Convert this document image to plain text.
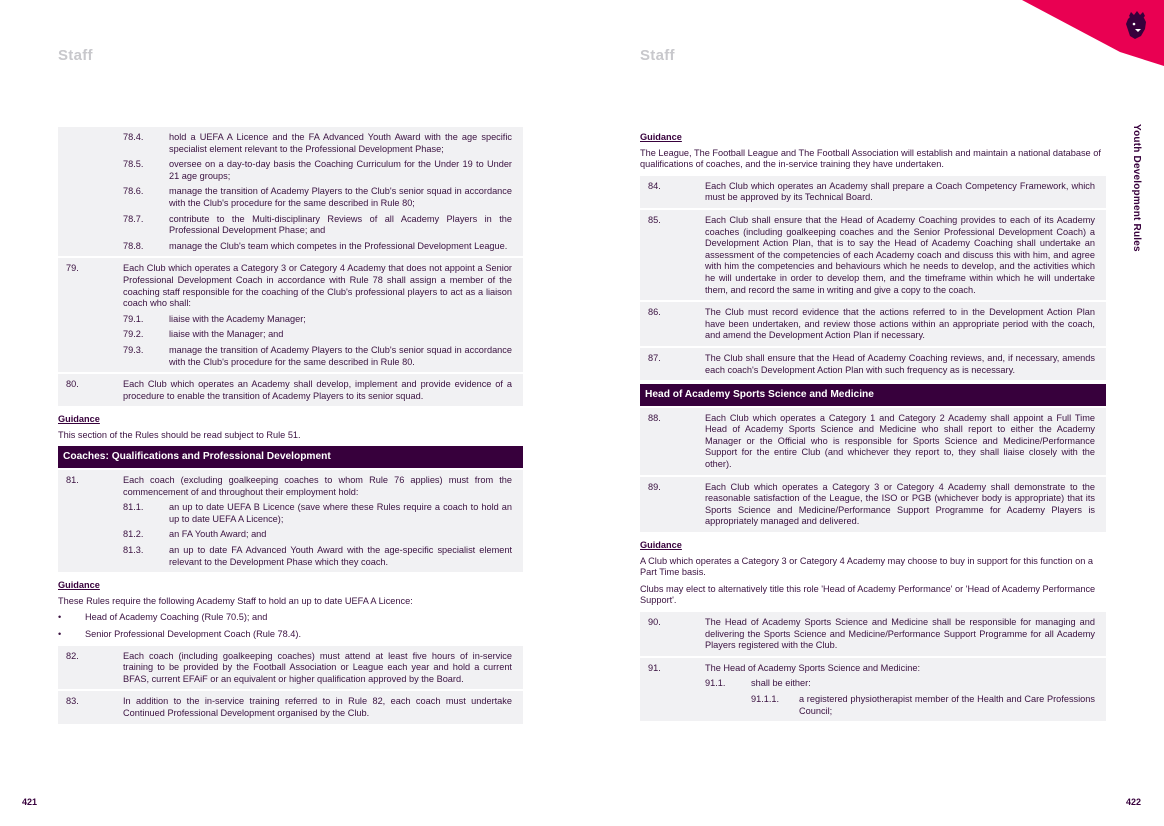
Staff	Staff
Youth Development Rules
78.4.	hold a UEFA A Licence and the FA Advanced Youth Award with the age specific specialist element relevant to the Professional Development Phase;
78.5.	oversee on a day-to-day basis the Coaching Curriculum for the Under 19 to Under 21 age groups;
78.6.	manage the transition of Academy Players to the Club's senior squad in accordance with the Club's procedure for the same described in Rule 80;
78.7.	contribute to the Multi-disciplinary Reviews of all Academy Players in the Professional Development Phase; and
78.8.	manage the Club's team which competes in the Professional Development League.
79.	Each Club which operates a Category 3 or Category 4 Academy that does not appoint a Senior Professional Development Coach in accordance with Rule 78 shall assign a member of the coaching staff responsible for the coaching of the Club's professional players to act as a liaison coach who shall:
79.1.	liaise with the Academy Manager;
79.2.	liaise with the Manager; and
79.3.	manage the transition of Academy Players to the Club's senior squad in accordance with the Club's procedure for the same described in Rule 80.
80.	Each Club which operates an Academy shall develop, implement and provide evidence of a procedure to enable the transition of Academy Players to its senior squad.
Guidance
This section of the Rules should be read subject to Rule 51.
Coaches: Qualifications and Professional Development
81.	Each coach (excluding goalkeeping coaches to whom Rule 76 applies) must from the commencement of and throughout their employment hold:
81.1.	an up to date UEFA B Licence (save where these Rules require a coach to hold an up to date UEFA A Licence);
81.2.	an FA Youth Award; and
81.3.	an up to date FA Advanced Youth Award with the age-specific specialist element relevant to the Development Phase which they coach.
Guidance
These Rules require the following Academy Staff to hold an up to date UEFA A Licence:
•	Head of Academy Coaching (Rule 70.5); and
•	Senior Professional Development Coach (Rule 78.4).
82.	Each coach (including goalkeeping coaches) must attend at least five hours of in-service training to be provided by the Football Association or League each year and hold a current BFAS, current EFAiF or an equivalent or higher qualification approved by the Board.
83.	In addition to the in-service training referred to in Rule 82, each coach must undertake Continued Professional Development organised by the Club.
Guidance
The League, The Football League and The Football Association will establish and maintain a national database of qualifications of coaches, and the in-service training they have undertaken.
84.	Each Club which operates an Academy shall prepare a Coach Competency Framework, which must be approved by its Technical Board.
85.	Each Club shall ensure that the Head of Academy Coaching provides to each of its Academy coaches (including goalkeeping coaches and the Senior Professional Development Coach) a Development Action Plan, that is to say the Head of Academy Coaching shall undertake an assessment of the competencies of each Academy coach and discuss this with him, and agree with him the competencies and behaviours which he needs to develop, and the activities which he will undertake in order to develop them, and the timeframe within which he will undertake them, and record the same in writing and give a copy to the coach.
86.	The Club must record evidence that the actions referred to in the Development Action Plan have been undertaken, and review those actions within an appropriate period with the coach, and amend the Development Action Plan if necessary.
87.	The Club shall ensure that the Head of Academy Coaching reviews, and, if necessary, amends each coach's Development Action Plan with such frequency as is necessary.
Head of Academy Sports Science and Medicine
88.	Each Club which operates a Category 1 and Category 2 Academy shall appoint a Full Time Head of Academy Sports Science and Medicine who shall report to either the Academy Manager or the Official who is responsible for Sports Science and Medicine/Performance Support for the entire Club (and whichever they report to, they shall liaise closely with the other).
89.	Each Club which operates a Category 3 or Category 4 Academy shall demonstrate to the reasonable satisfaction of the League, the ISO or PGB (whichever body is appropriate) that its Sports Science and Medicine/Performance Support Programme for Academy Players is appropriately managed and delivered.
Guidance
A Club which operates a Category 3 or Category 4 Academy may choose to buy in support for this function on a Part Time basis.
Clubs may elect to alternatively title this role 'Head of Academy Performance' or 'Head of Academy Performance Support'.
90.	The Head of Academy Sports Science and Medicine shall be responsible for managing and delivering the Sports Science and Medicine/Performance Support Programme for all Academy Players registered with the Club.
91.	The Head of Academy Sports Science and Medicine:
91.1.	shall be either:
91.1.1.	a registered physiotherapist member of the Health and Care Professions Council;
421	422
